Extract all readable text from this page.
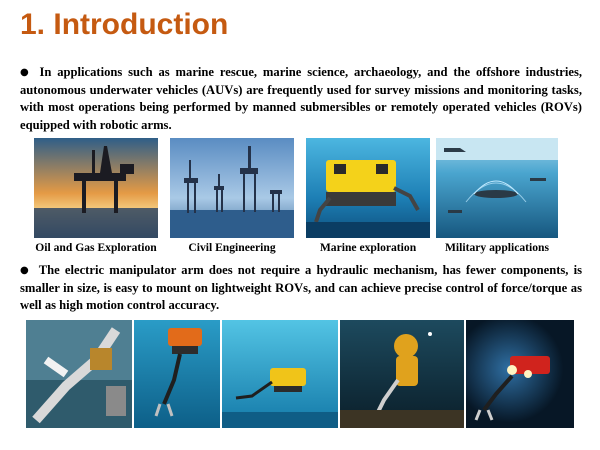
1. Introduction
● In applications such as marine rescue, marine science, archaeology, and the offshore industries, autonomous underwater vehicles (AUVs) are frequently used for survey missions and monitoring tasks, with most operations being performed by manned submersibles or remotely operated vehicles (ROVs) equipped with robotic arms.
Oil and Gas Exploration	Civil Engineering	Marine exploration	Military applications
● The electric manipulator arm does not require a hydraulic mechanism, has fewer components, is smaller in size, is easy to mount on lightweight ROVs, and can achieve precise control of force/torque as well as high motion control accuracy.
